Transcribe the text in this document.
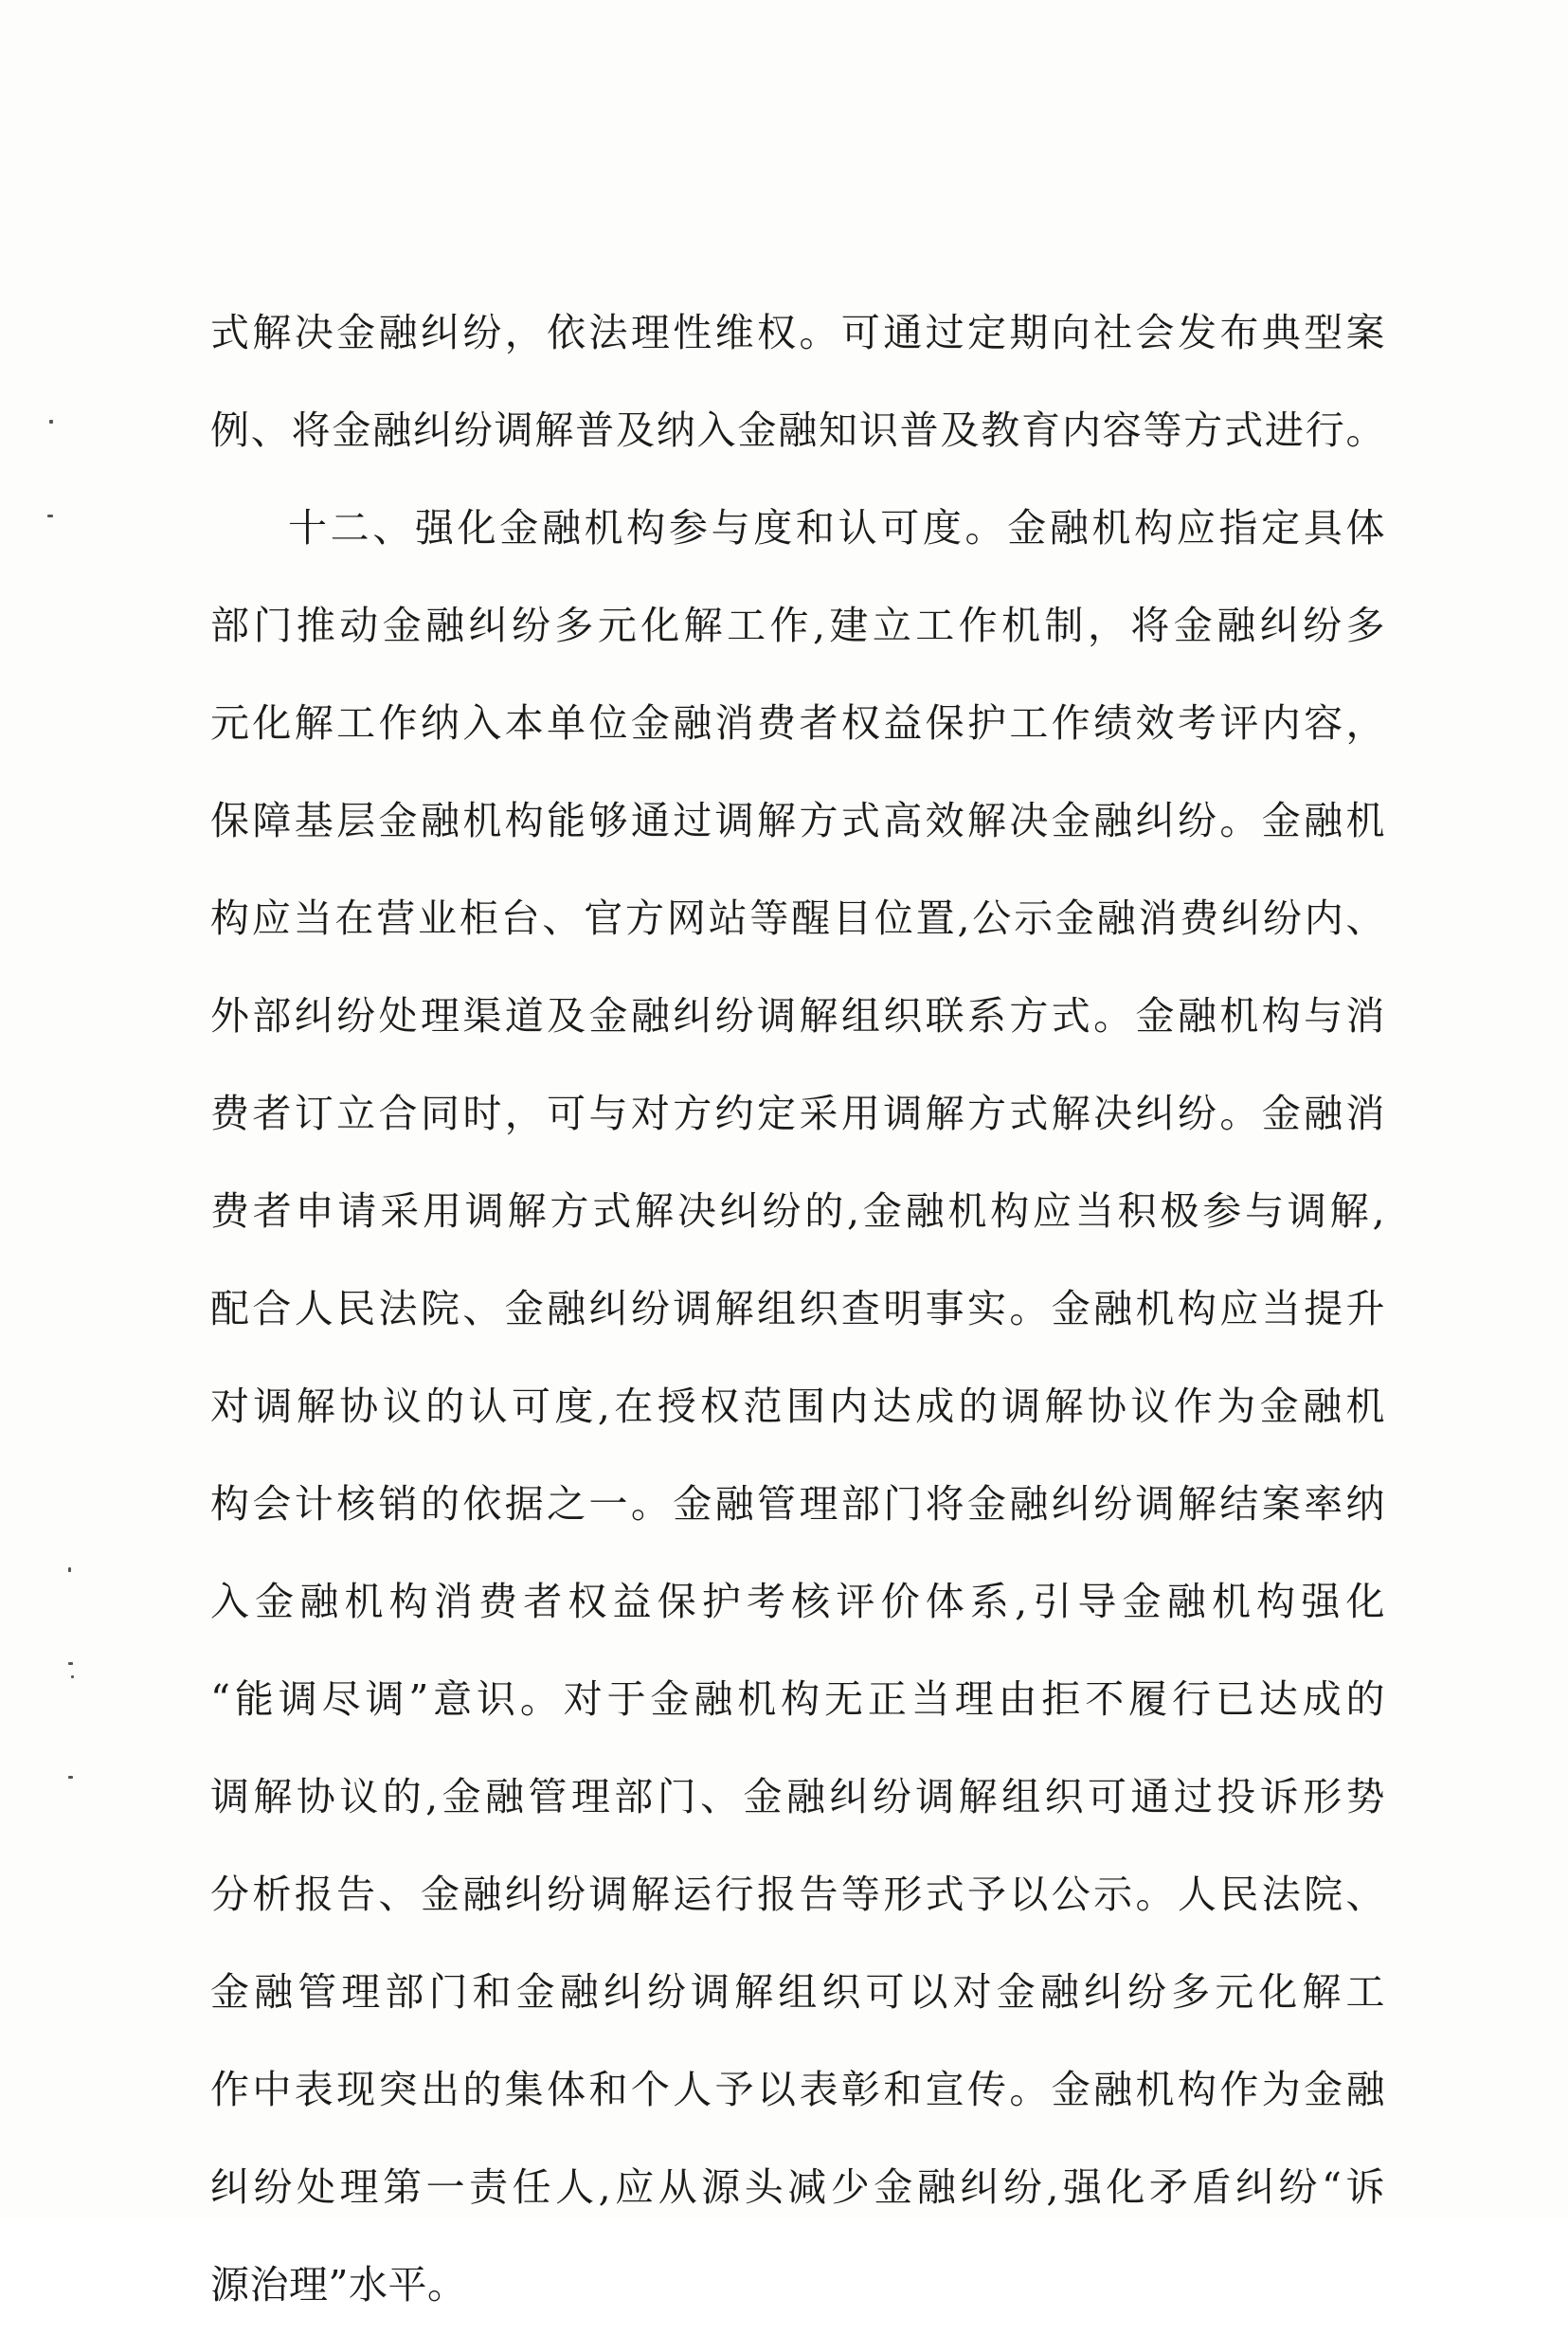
式解决金融纠纷，依法理性维权。可通过定期向社会发布典型案
例、将金融纠纷调解普及纳入金融知识普及教育内容等方式进行。
十二、强化金融机构参与度和认可度。金融机构应指定具体
部门推动金融纠纷多元化解工作,建立工作机制，将金融纠纷多
元化解工作纳入本单位金融消费者权益保护工作绩效考评内容，
保障基层金融机构能够通过调解方式高效解决金融纠纷。金融机
构应当在营业柜台、官方网站等醒目位置,公示金融消费纠纷内、
外部纠纷处理渠道及金融纠纷调解组织联系方式。金融机构与消
费者订立合同时，可与对方约定采用调解方式解决纠纷。金融消
费者申请采用调解方式解决纠纷的,金融机构应当积极参与调解,
配合人民法院、金融纠纷调解组织查明事实。金融机构应当提升
对调解协议的认可度,在授权范围内达成的调解协议作为金融机
构会计核销的依据之一。金融管理部门将金融纠纷调解结案率纳
入金融机构消费者权益保护考核评价体系,引导金融机构强化
“能调尽调”意识。对于金融机构无正当理由拒不履行已达成的
调解协议的,金融管理部门、金融纠纷调解组织可通过投诉形势
分析报告、金融纠纷调解运行报告等形式予以公示。人民法院、
金融管理部门和金融纠纷调解组织可以对金融纠纷多元化解工
作中表现突出的集体和个人予以表彰和宣传。金融机构作为金融
纠纷处理第一责任人,应从源头减少金融纠纷,强化矛盾纠纷“诉
源治理”水平。
